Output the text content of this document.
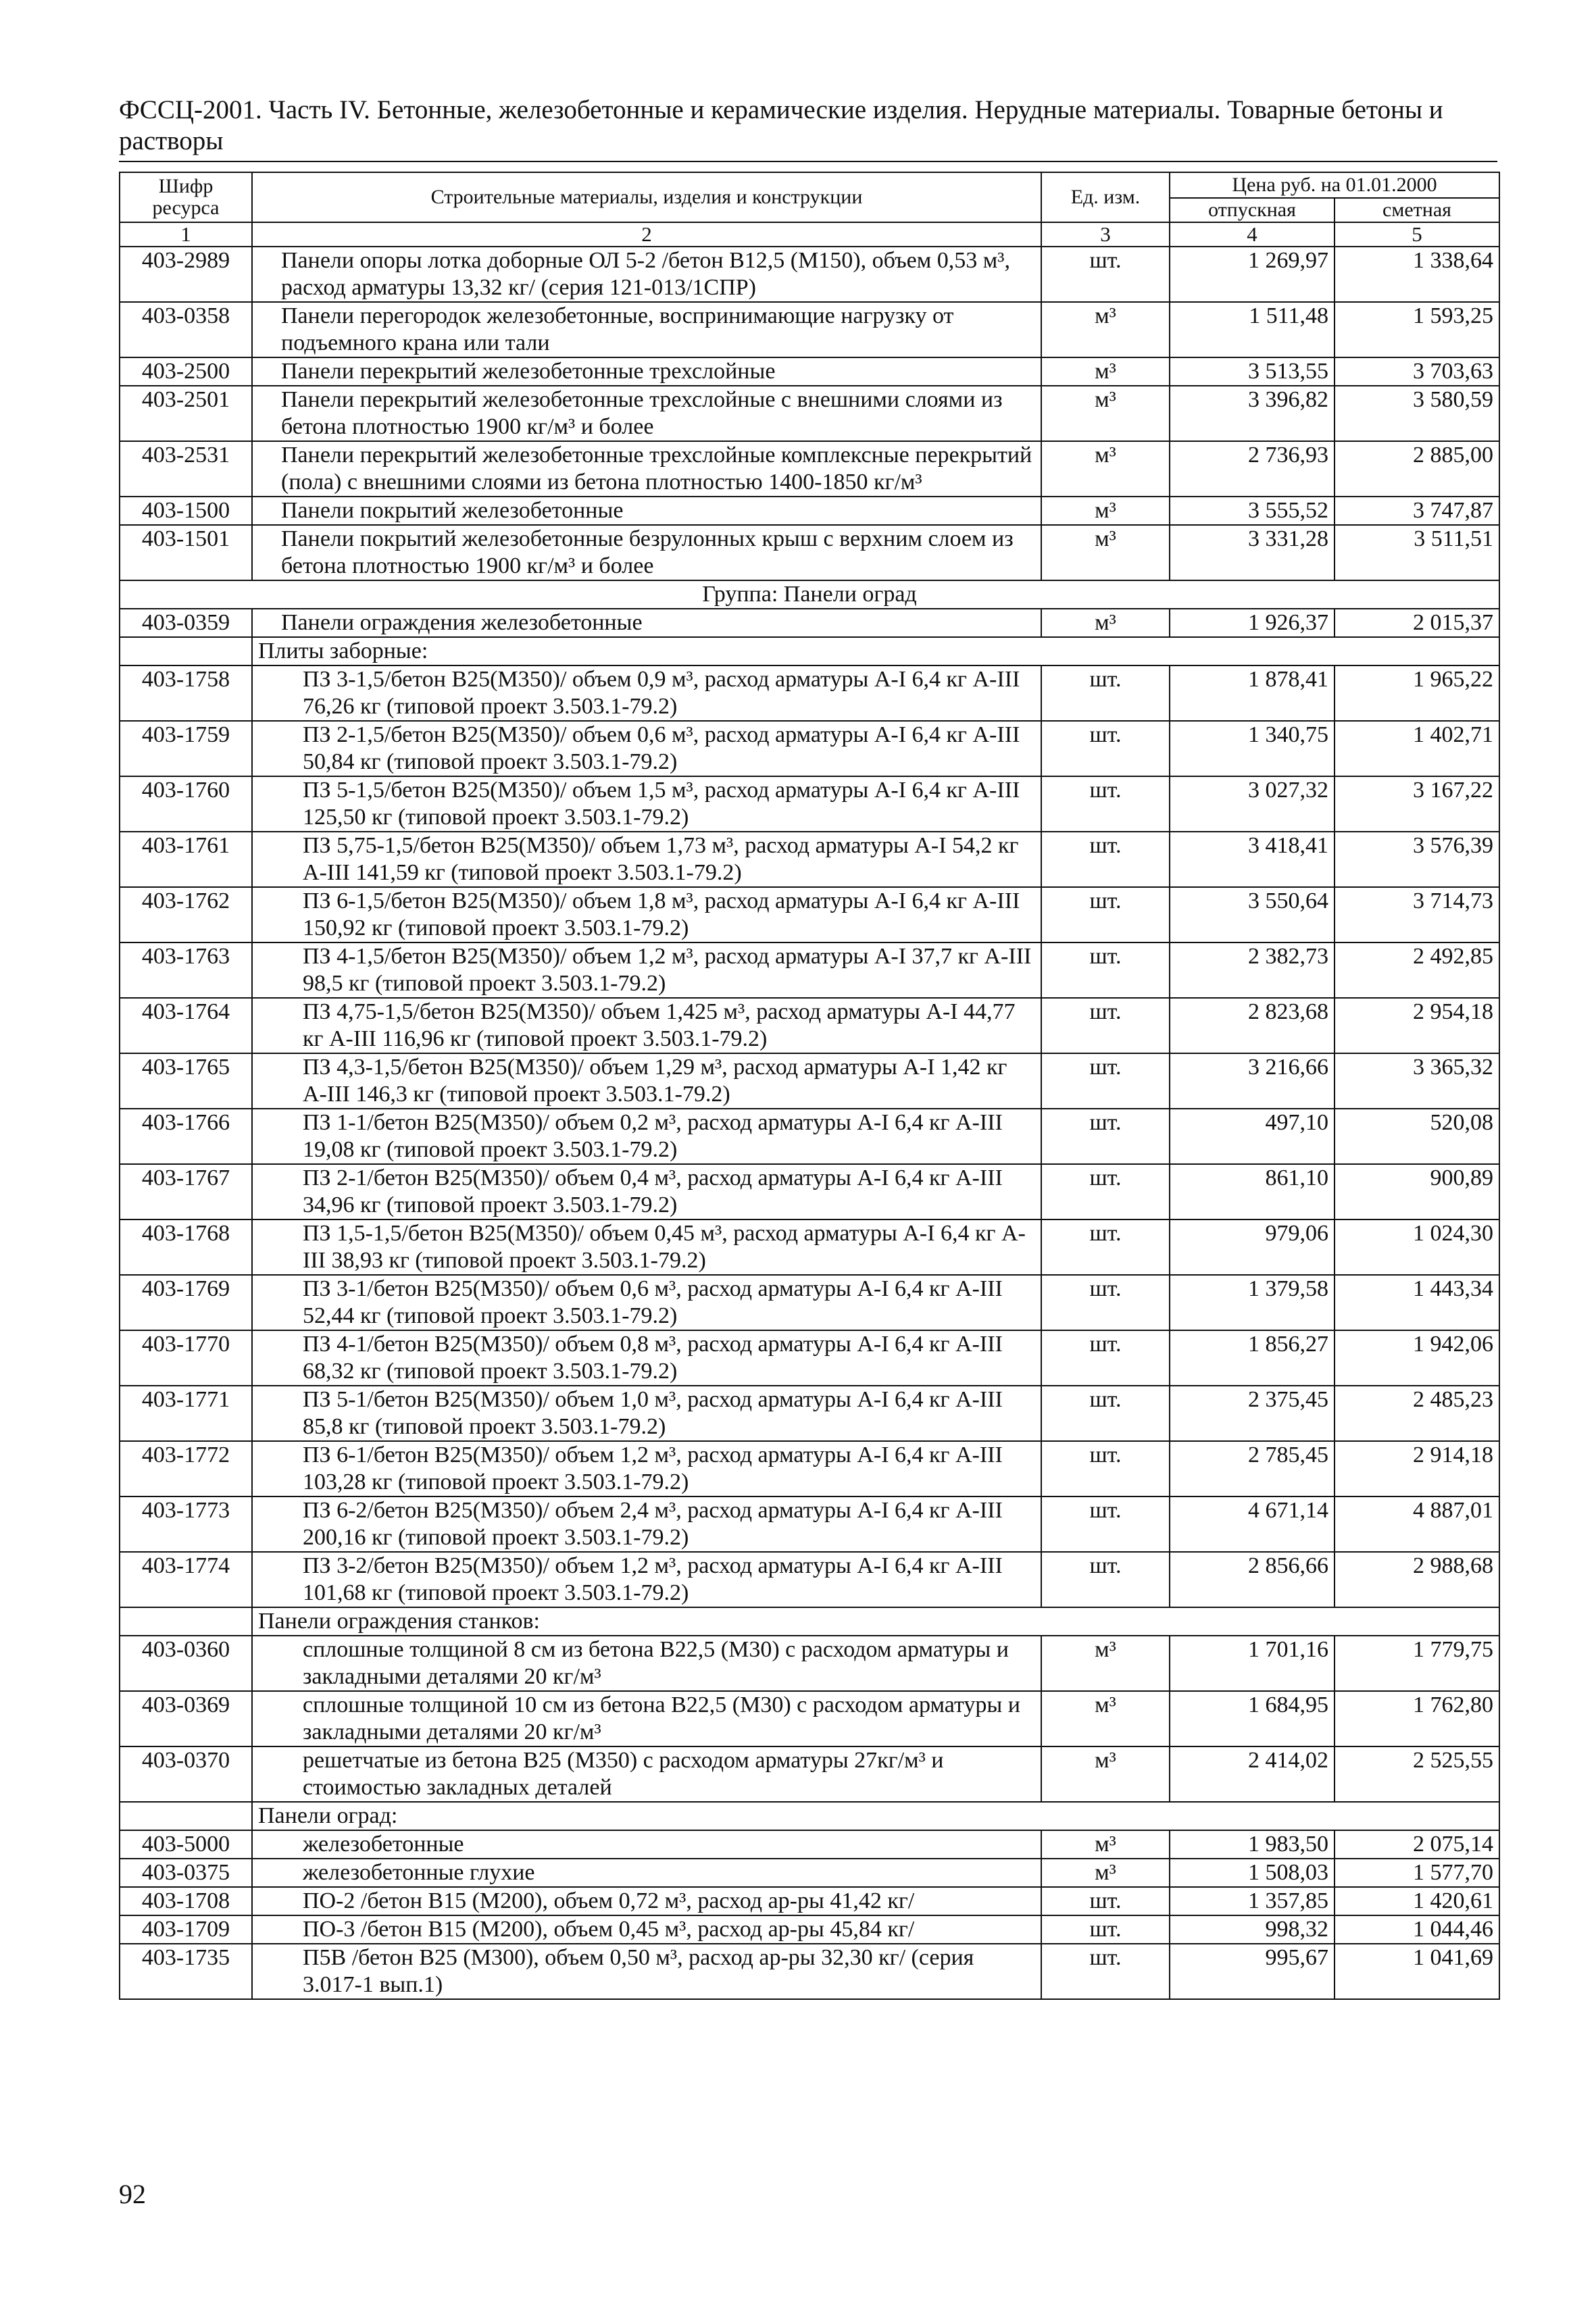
ФССЦ-2001. Часть IV. Бетонные, железобетонные и керамические изделия. Нерудные материалы. Товарные бетоны и растворы
Шифр ресурса	Строительные материалы, изделия и конструкции	Ед. изм.	Цена руб. на 01.01.2000	
			отпускная	сметная
1	2	3	4	5
403-2989	Панели опоры лотка доборные ОЛ 5-2 /бетон В12,5 (М150), объем 0,53 м³, расход арматуры 13,32 кг/ (серия 121-013/1СПР)	шт.	1 269,97	1 338,64
403-0358	Панели перегородок железобетонные, воспринимающие нагрузку от подъемного крана или тали	м³	1 511,48	1 593,25
403-2500	Панели перекрытий железобетонные трехслойные	м³	3 513,55	3 703,63
403-2501	Панели перекрытий железобетонные трехслойные с внешними слоями из бетона плотностью 1900 кг/м³ и более	м³	3 396,82	3 580,59
403-2531	Панели перекрытий железобетонные трехслойные комплексные перекрытий (пола) с внешними слоями из бетона плотностью 1400-1850 кг/м³	м³	2 736,93	2 885,00
403-1500	Панели покрытий железобетонные	м³	3 555,52	3 747,87
403-1501	Панели покрытий железобетонные безрулонных крыш с верхним слоем из бетона плотностью 1900 кг/м³ и более	м³	3 331,28	3 511,51
Группа: Панели оград				
403-0359	Панели ограждения железобетонные	м³	1 926,37	2 015,37
	Плиты заборные:			
403-1758	ПЗ 3-1,5/бетон В25(М350)/ объем 0,9 м³, расход арматуры А-I 6,4 кг А-III 76,26 кг (типовой проект 3.503.1-79.2)	шт.	1 878,41	1 965,22
403-1759	ПЗ 2-1,5/бетон В25(М350)/ объем 0,6 м³, расход арматуры А-I 6,4 кг А-III 50,84 кг (типовой проект 3.503.1-79.2)	шт.	1 340,75	1 402,71
403-1760	ПЗ 5-1,5/бетон В25(М350)/ объем 1,5 м³, расход арматуры А-I 6,4 кг А-III 125,50 кг (типовой проект 3.503.1-79.2)	шт.	3 027,32	3 167,22
403-1761	ПЗ 5,75-1,5/бетон В25(М350)/ объем 1,73 м³, расход арматуры А-I 54,2 кг А-III 141,59 кг (типовой проект 3.503.1-79.2)	шт.	3 418,41	3 576,39
403-1762	ПЗ 6-1,5/бетон В25(М350)/ объем 1,8 м³, расход арматуры А-I 6,4 кг А-III 150,92 кг (типовой проект 3.503.1-79.2)	шт.	3 550,64	3 714,73
403-1763	ПЗ 4-1,5/бетон В25(М350)/ объем 1,2 м³, расход арматуры А-I 37,7 кг А-III 98,5 кг (типовой проект 3.503.1-79.2)	шт.	2 382,73	2 492,85
403-1764	ПЗ 4,75-1,5/бетон В25(М350)/ объем 1,425 м³, расход арматуры А-I 44,77 кг А-III 116,96 кг (типовой проект 3.503.1-79.2)	шт.	2 823,68	2 954,18
403-1765	ПЗ 4,3-1,5/бетон В25(М350)/ объем 1,29 м³, расход арматуры А-I 1,42 кг А-III 146,3 кг (типовой проект 3.503.1-79.2)	шт.	3 216,66	3 365,32
403-1766	ПЗ 1-1/бетон В25(М350)/ объем 0,2 м³, расход арматуры А-I 6,4 кг А-III 19,08 кг (типовой проект 3.503.1-79.2)	шт.	497,10	520,08
403-1767	ПЗ 2-1/бетон В25(М350)/ объем 0,4 м³, расход арматуры А-I 6,4 кг А-III 34,96 кг (типовой проект 3.503.1-79.2)	шт.	861,10	900,89
403-1768	ПЗ 1,5-1,5/бетон В25(М350)/ объем 0,45 м³, расход арматуры А-I 6,4 кг А-III 38,93 кг (типовой проект 3.503.1-79.2)	шт.	979,06	1 024,30
403-1769	ПЗ 3-1/бетон В25(М350)/ объем 0,6 м³, расход арматуры А-I 6,4 кг А-III 52,44 кг (типовой проект 3.503.1-79.2)	шт.	1 379,58	1 443,34
403-1770	ПЗ 4-1/бетон В25(М350)/ объем 0,8 м³, расход арматуры А-I 6,4 кг А-III 68,32 кг (типовой проект 3.503.1-79.2)	шт.	1 856,27	1 942,06
403-1771	ПЗ 5-1/бетон В25(М350)/ объем 1,0 м³, расход арматуры А-I 6,4 кг А-III 85,8 кг (типовой проект 3.503.1-79.2)	шт.	2 375,45	2 485,23
403-1772	ПЗ 6-1/бетон В25(М350)/ объем 1,2 м³, расход арматуры А-I 6,4 кг А-III 103,28 кг (типовой проект 3.503.1-79.2)	шт.	2 785,45	2 914,18
403-1773	ПЗ 6-2/бетон В25(М350)/ объем 2,4 м³, расход арматуры А-I 6,4 кг А-III 200,16 кг (типовой проект 3.503.1-79.2)	шт.	4 671,14	4 887,01
403-1774	ПЗ 3-2/бетон В25(М350)/ объем 1,2 м³, расход арматуры А-I 6,4 кг А-III 101,68 кг (типовой проект 3.503.1-79.2)	шт.	2 856,66	2 988,68
	Панели ограждения станков:			
403-0360	сплошные толщиной 8 см из бетона В22,5 (М30) с расходом арматуры и закладными деталями 20 кг/м³	м³	1 701,16	1 779,75
403-0369	сплошные толщиной 10 см из бетона В22,5 (М30) с расходом арматуры и закладными деталями 20 кг/м³	м³	1 684,95	1 762,80
403-0370	решетчатые из бетона В25 (М350) с расходом арматуры 27кг/м³ и стоимостью закладных деталей	м³	2 414,02	2 525,55
	Панели оград:			
403-5000	железобетонные	м³	1 983,50	2 075,14
403-0375	железобетонные глухие	м³	1 508,03	1 577,70
403-1708	ПО-2 /бетон В15 (М200), объем 0,72 м³, расход ар-ры 41,42 кг/	шт.	1 357,85	1 420,61
403-1709	ПО-3 /бетон В15 (М200), объем 0,45 м³, расход ар-ры 45,84 кг/	шт.	998,32	1 044,46
403-1735	П5В /бетон В25 (М300), объем 0,50 м³, расход ар-ры 32,30 кг/ (серия 3.017-1 вып.1)	шт.	995,67	1 041,69
92
